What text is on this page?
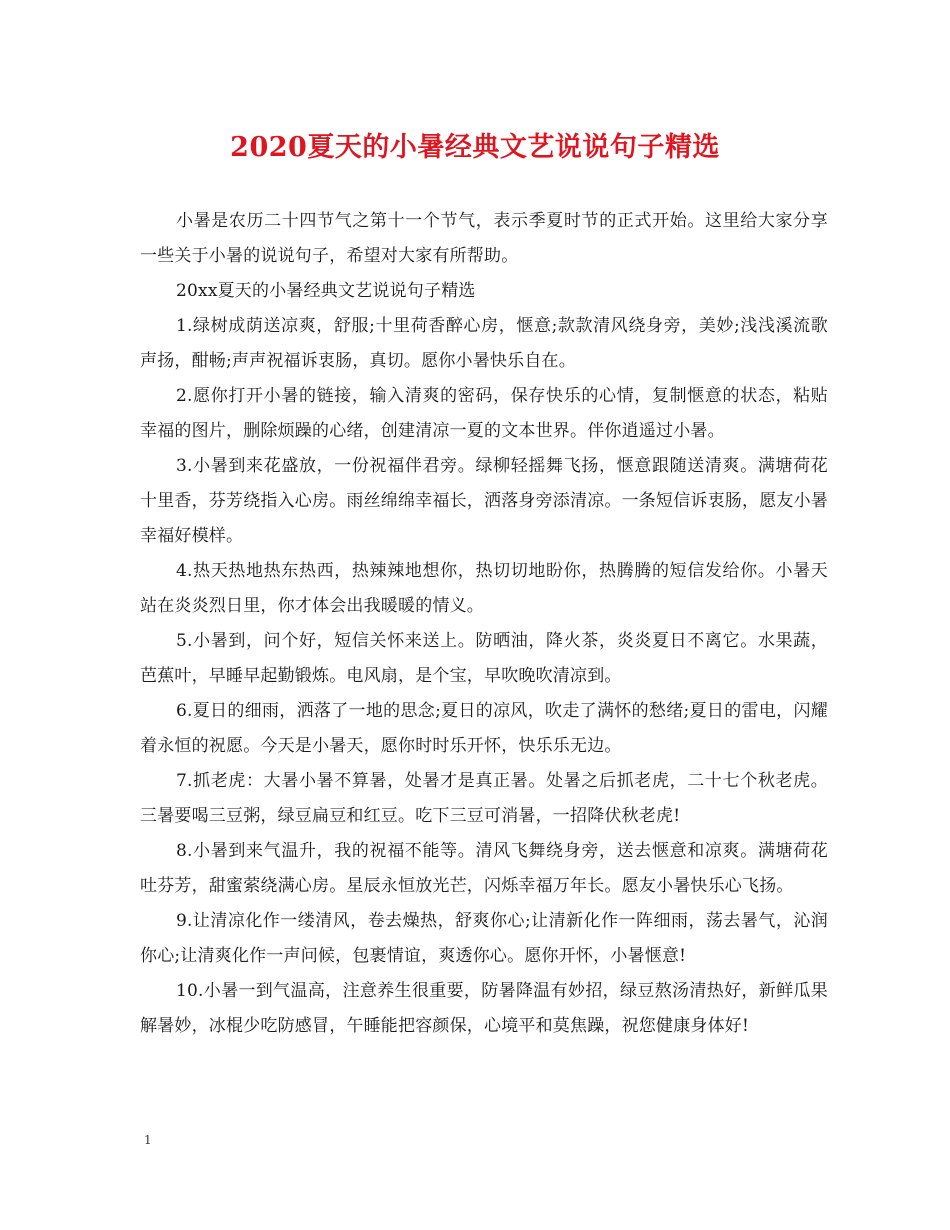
2020夏天的小暑经典文艺说说句子精选

小暑是农历二十四节气之第十一个节气，表示季夏时节的正式开始。这里给大家分享一些关于小暑的说说句子，希望对大家有所帮助。

20xx夏天的小暑经典文艺说说句子精选

1.绿树成荫送凉爽，舒服;十里荷香醉心房，惬意;款款清风绕身旁，美妙;浅浅溪流歌声扬，酣畅;声声祝福诉衷肠，真切。愿你小暑快乐自在。

2.愿你打开小暑的链接，输入清爽的密码，保存快乐的心情，复制惬意的状态，粘贴幸福的图片，删除烦躁的心绪，创建清凉一夏的文本世界。伴你逍遥过小暑。

3.小暑到来花盛放，一份祝福伴君旁。绿柳轻摇舞飞扬，惬意跟随送清爽。满塘荷花十里香，芬芳绕指入心房。雨丝绵绵幸福长，洒落身旁添清凉。一条短信诉衷肠，愿友小暑幸福好模样。

4.热天热地热东热西，热辣辣地想你，热切切地盼你，热腾腾的短信发给你。小暑天站在炎炎烈日里，你才体会出我暖暖的情义。

5.小暑到，问个好，短信关怀来送上。防晒油，降火茶，炎炎夏日不离它。水果蔬，芭蕉叶，早睡早起勤锻炼。电风扇，是个宝，早吹晚吹清凉到。

6.夏日的细雨，洒落了一地的思念;夏日的凉风，吹走了满怀的愁绪;夏日的雷电，闪耀着永恒的祝愿。今天是小暑天，愿你时时乐开怀，快乐乐无边。

7.抓老虎：大暑小暑不算暑，处暑才是真正暑。处暑之后抓老虎，二十七个秋老虎。三暑要喝三豆粥，绿豆扁豆和红豆。吃下三豆可消暑，一招降伏秋老虎!

8.小暑到来气温升，我的祝福不能等。清风飞舞绕身旁，送去惬意和凉爽。满塘荷花吐芬芳，甜蜜萦绕满心房。星辰永恒放光芒，闪烁幸福万年长。愿友小暑快乐心飞扬。

9.让清凉化作一缕清风，卷去燥热，舒爽你心;让清新化作一阵细雨，荡去暑气，沁润你心;让清爽化作一声问候，包裹情谊，爽透你心。愿你开怀，小暑惬意!

10.小暑一到气温高，注意养生很重要，防暑降温有妙招，绿豆熬汤清热好，新鲜瓜果解暑妙，冰棍少吃防感冒，午睡能把容颜保，心境平和莫焦躁，祝您健康身体好!

1
